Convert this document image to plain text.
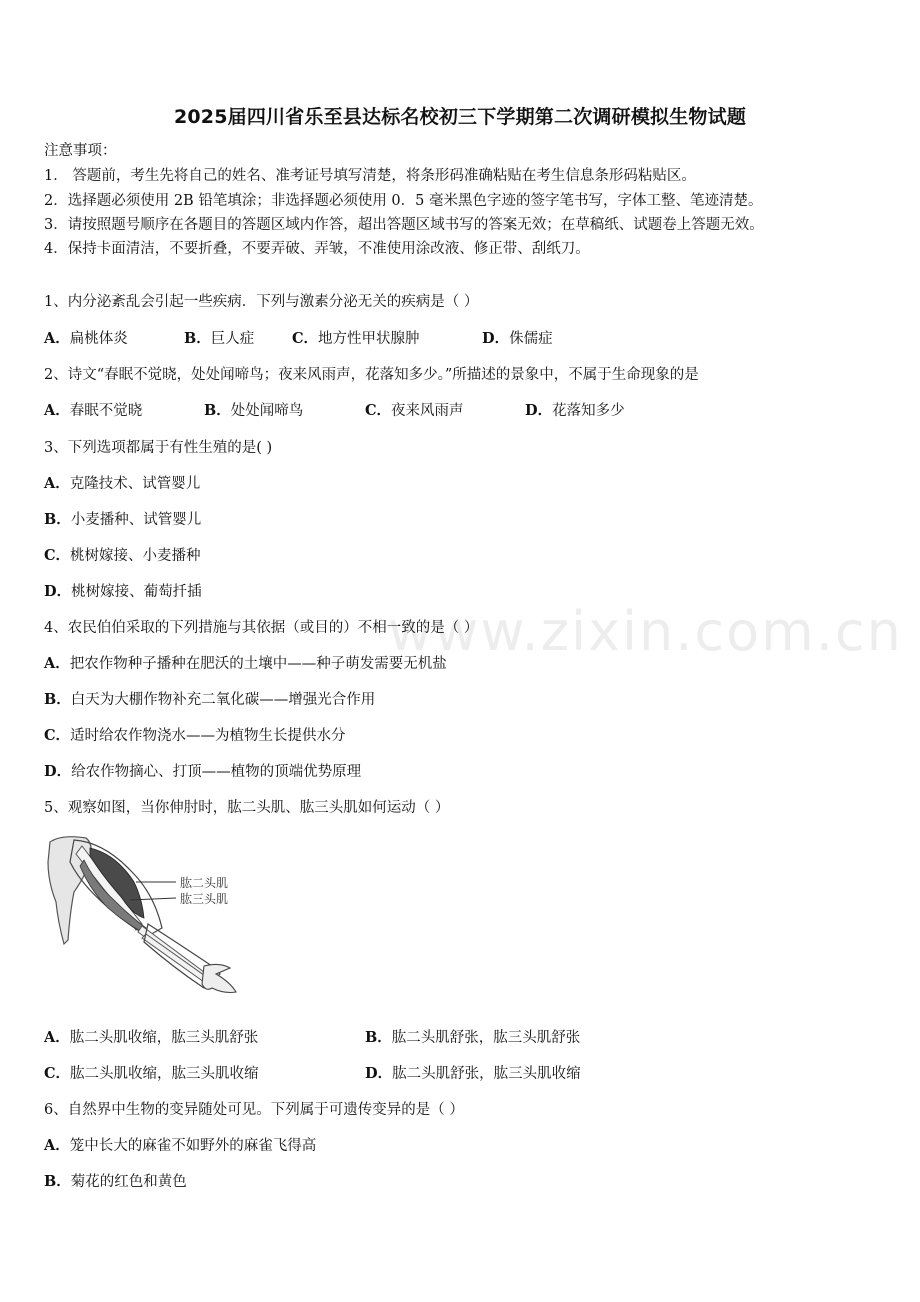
2025届四川省乐至县达标名校初三下学期第二次调研模拟生物试题
注意事项：
1． 答题前，考生先将自己的姓名、准考证号填写清楚，将条形码准确粘贴在考生信息条形码粘贴区。
2．选择题必须使用 2B 铅笔填涂；非选择题必须使用 0．5 毫米黑色字迹的签字笔书写，字体工整、笔迹清楚。
3．请按照题号顺序在各题目的答题区域内作答，超出答题区域书写的答案无效；在草稿纸、试题卷上答题无效。
4．保持卡面清洁，不要折叠，不要弄破、弄皱，不准使用涂改液、修正带、刮纸刀。
www.zixin.com.cn
1、内分泌紊乱会引起一些疾病．下列与激素分泌无关的疾病是（ ）
A．扁桃体炎	B．巨人症	C．地方性甲状腺肿	D．侏儒症
2、诗文“春眠不觉晓，处处闻啼鸟；夜来风雨声，花落知多少。”所描述的景象中，不属于生命现象的是
A．春眠不觉晓	B．处处闻啼鸟	C．夜来风雨声	D．花落知多少
3、下列选项都属于有性生殖的是( )
A．克隆技术、试管婴儿
B．小麦播种、试管婴儿
C．桃树嫁接、小麦播种
D．桃树嫁接、葡萄扦插
4、农民伯伯采取的下列措施与其依据（或目的）不相一致的是（ ）
A．把农作物种子播种在肥沃的土壤中——种子萌发需要无机盐
B．白天为大棚作物补充二氧化碳——增强光合作用
C．适时给农作物浇水——为植物生长提供水分
D．给农作物摘心、打顶——植物的顶端优势原理
5、观察如图，当你伸肘时，肱二头肌、肱三头肌如何运动（ ）
肱二头肌
肱三头肌
A．肱二头肌收缩，肱三头肌舒张	B．肱二头肌舒张，肱三头肌舒张
C．肱二头肌收缩，肱三头肌收缩	D．肱二头肌舒张，肱三头肌收缩
6、自然界中生物的变异随处可见。下列属于可遗传变异的是（ ）
A．笼中长大的麻雀不如野外的麻雀飞得高
B．菊花的红色和黄色
